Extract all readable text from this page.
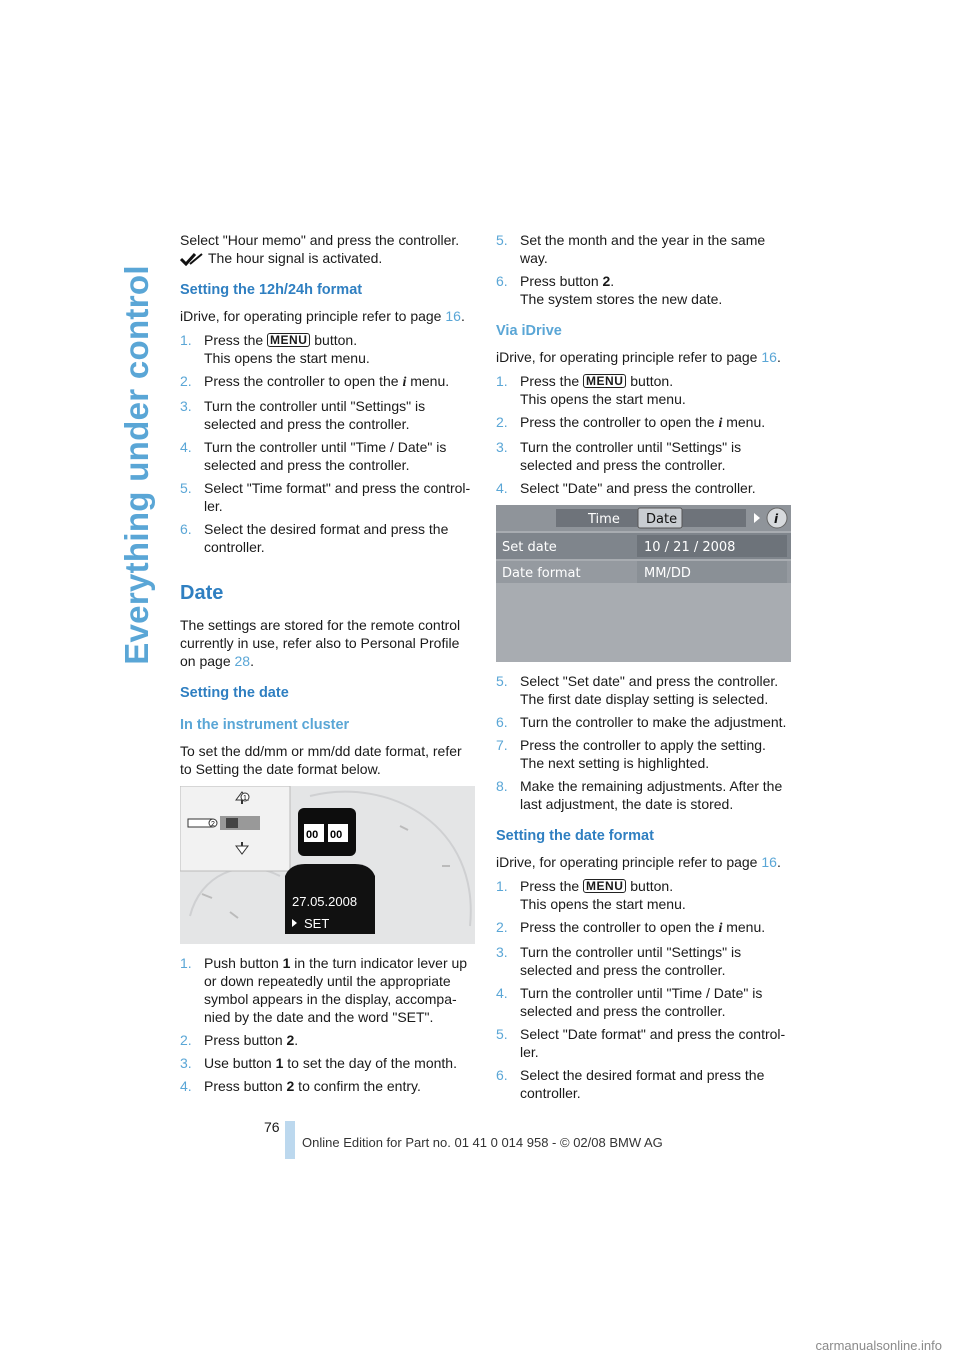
Everything under control

Select "Hour memo" and press the controller.
The hour signal is activated.

Setting the 12h/24h format

iDrive, for operating principle refer to page 16.

1. Press the MENU button.
This opens the start menu.
2. Press the controller to open the i menu.
3. Turn the controller until "Settings" is selected and press the controller.
4. Turn the controller until "Time / Date" is selected and press the controller.
5. Select "Time format" and press the control-ler.
6. Select the desired format and press the controller.
Date

The settings are stored for the remote control currently in use, refer also to Personal Profile on page 28.

Setting the date
In the instrument cluster

To set the dd/mm or mm/dd date format, refer to Setting the date format below.

1
2
00 00
27.05.2008
SET
1. Push button 1 in the turn indicator lever up or down repeatedly until the appropriate symbol appears in the display, accompa-nied by the date and the word "SET".
2. Press button 2.
3. Use button 1 to set the day of the month.
4. Press button 2 to confirm the entry.
5. Set the month and the year in the same way.
6. Press button 2.
The system stores the new date.
Via iDrive

iDrive, for operating principle refer to page 16.

1. Press the MENU button.
This opens the start menu.
2. Press the controller to open the i menu.
3. Turn the controller until "Settings" is selected and press the controller.
4. Select "Date" and press the controller.
Time Date	i
Set date	10 / 21 / 2008
Date format	MM/DD
5. Select "Set date" and press the controller. The first date display setting is selected.
6. Turn the controller to make the adjustment.
7. Press the controller to apply the setting. The next setting is highlighted.
8. Make the remaining adjustments. After the last adjustment, the date is stored.
Setting the date format

iDrive, for operating principle refer to page 16.

1. Press the MENU button.
This opens the start menu.
2. Press the controller to open the i menu.
3. Turn the controller until "Settings" is selected and press the controller.
4. Turn the controller until "Time / Date" is selected and press the controller.
5. Select "Date format" and press the control-ler.
6. Select the desired format and press the controller.
76
Online Edition for Part no. 01 41 0 014 958 - © 02/08 BMW AG
carmanualsonline.info
